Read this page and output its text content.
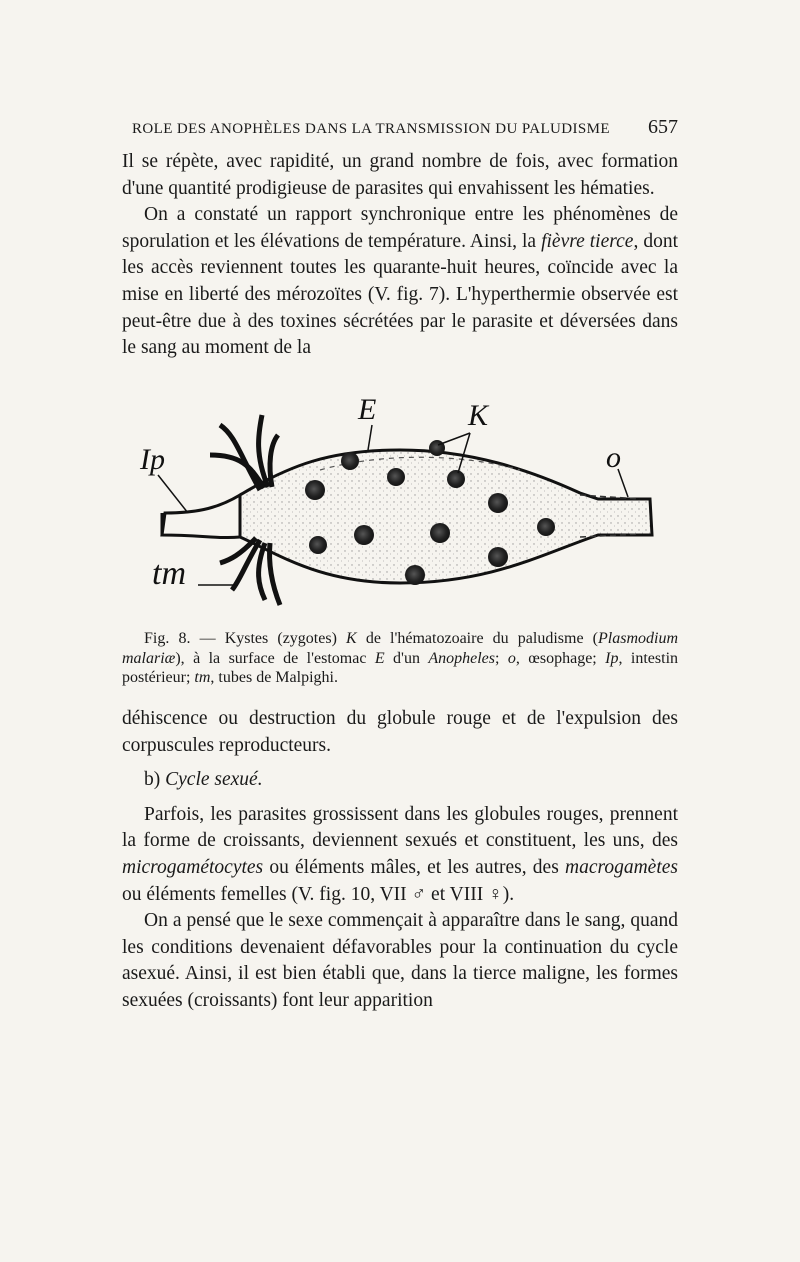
ROLE DES ANOPHÈLES DANS LA TRANSMISSION DU PALUDISME 657

Il se répète, avec rapidité, un grand nombre de fois, avec formation d'une quantité prodigieuse de parasites qui envahissent les hématies.

On a constaté un rapport synchronique entre les phénomènes de sporulation et les élévations de température. Ainsi, la fièvre tierce, dont les accès reviennent toutes les quarante-huit heures, coïncide avec la mise en liberté des mérozoïtes (V. fig. 7). L'hyperthermie observée est peut-être due à des toxines sécrétées par le parasite et déversées dans le sang au moment de la

E	K
o
Ip
tm

Fig. 8. — Kystes (zygotes) K de l'hématozoaire du paludisme (Plasmodium malariæ), à la surface de l'estomac E d'un Anopheles; o, œsophage; Ip, intestin postérieur; tm, tubes de Malpighi.

déhiscence ou destruction du globule rouge et de l'expulsion des corpuscules reproducteurs.

b) Cycle sexué.

Parfois, les parasites grossissent dans les globules rouges, prennent la forme de croissants, deviennent sexués et constituent, les uns, des microgamétocytes ou éléments mâles, et les autres, des macrogamètes ou éléments femelles (V. fig. 10, VII ♂ et VIII ♀).

On a pensé que le sexe commençait à apparaître dans le sang, quand les conditions devenaient défavorables pour la continuation du cycle asexué. Ainsi, il est bien établi que, dans la tierce maligne, les formes sexuées (croissants) font leur apparition
